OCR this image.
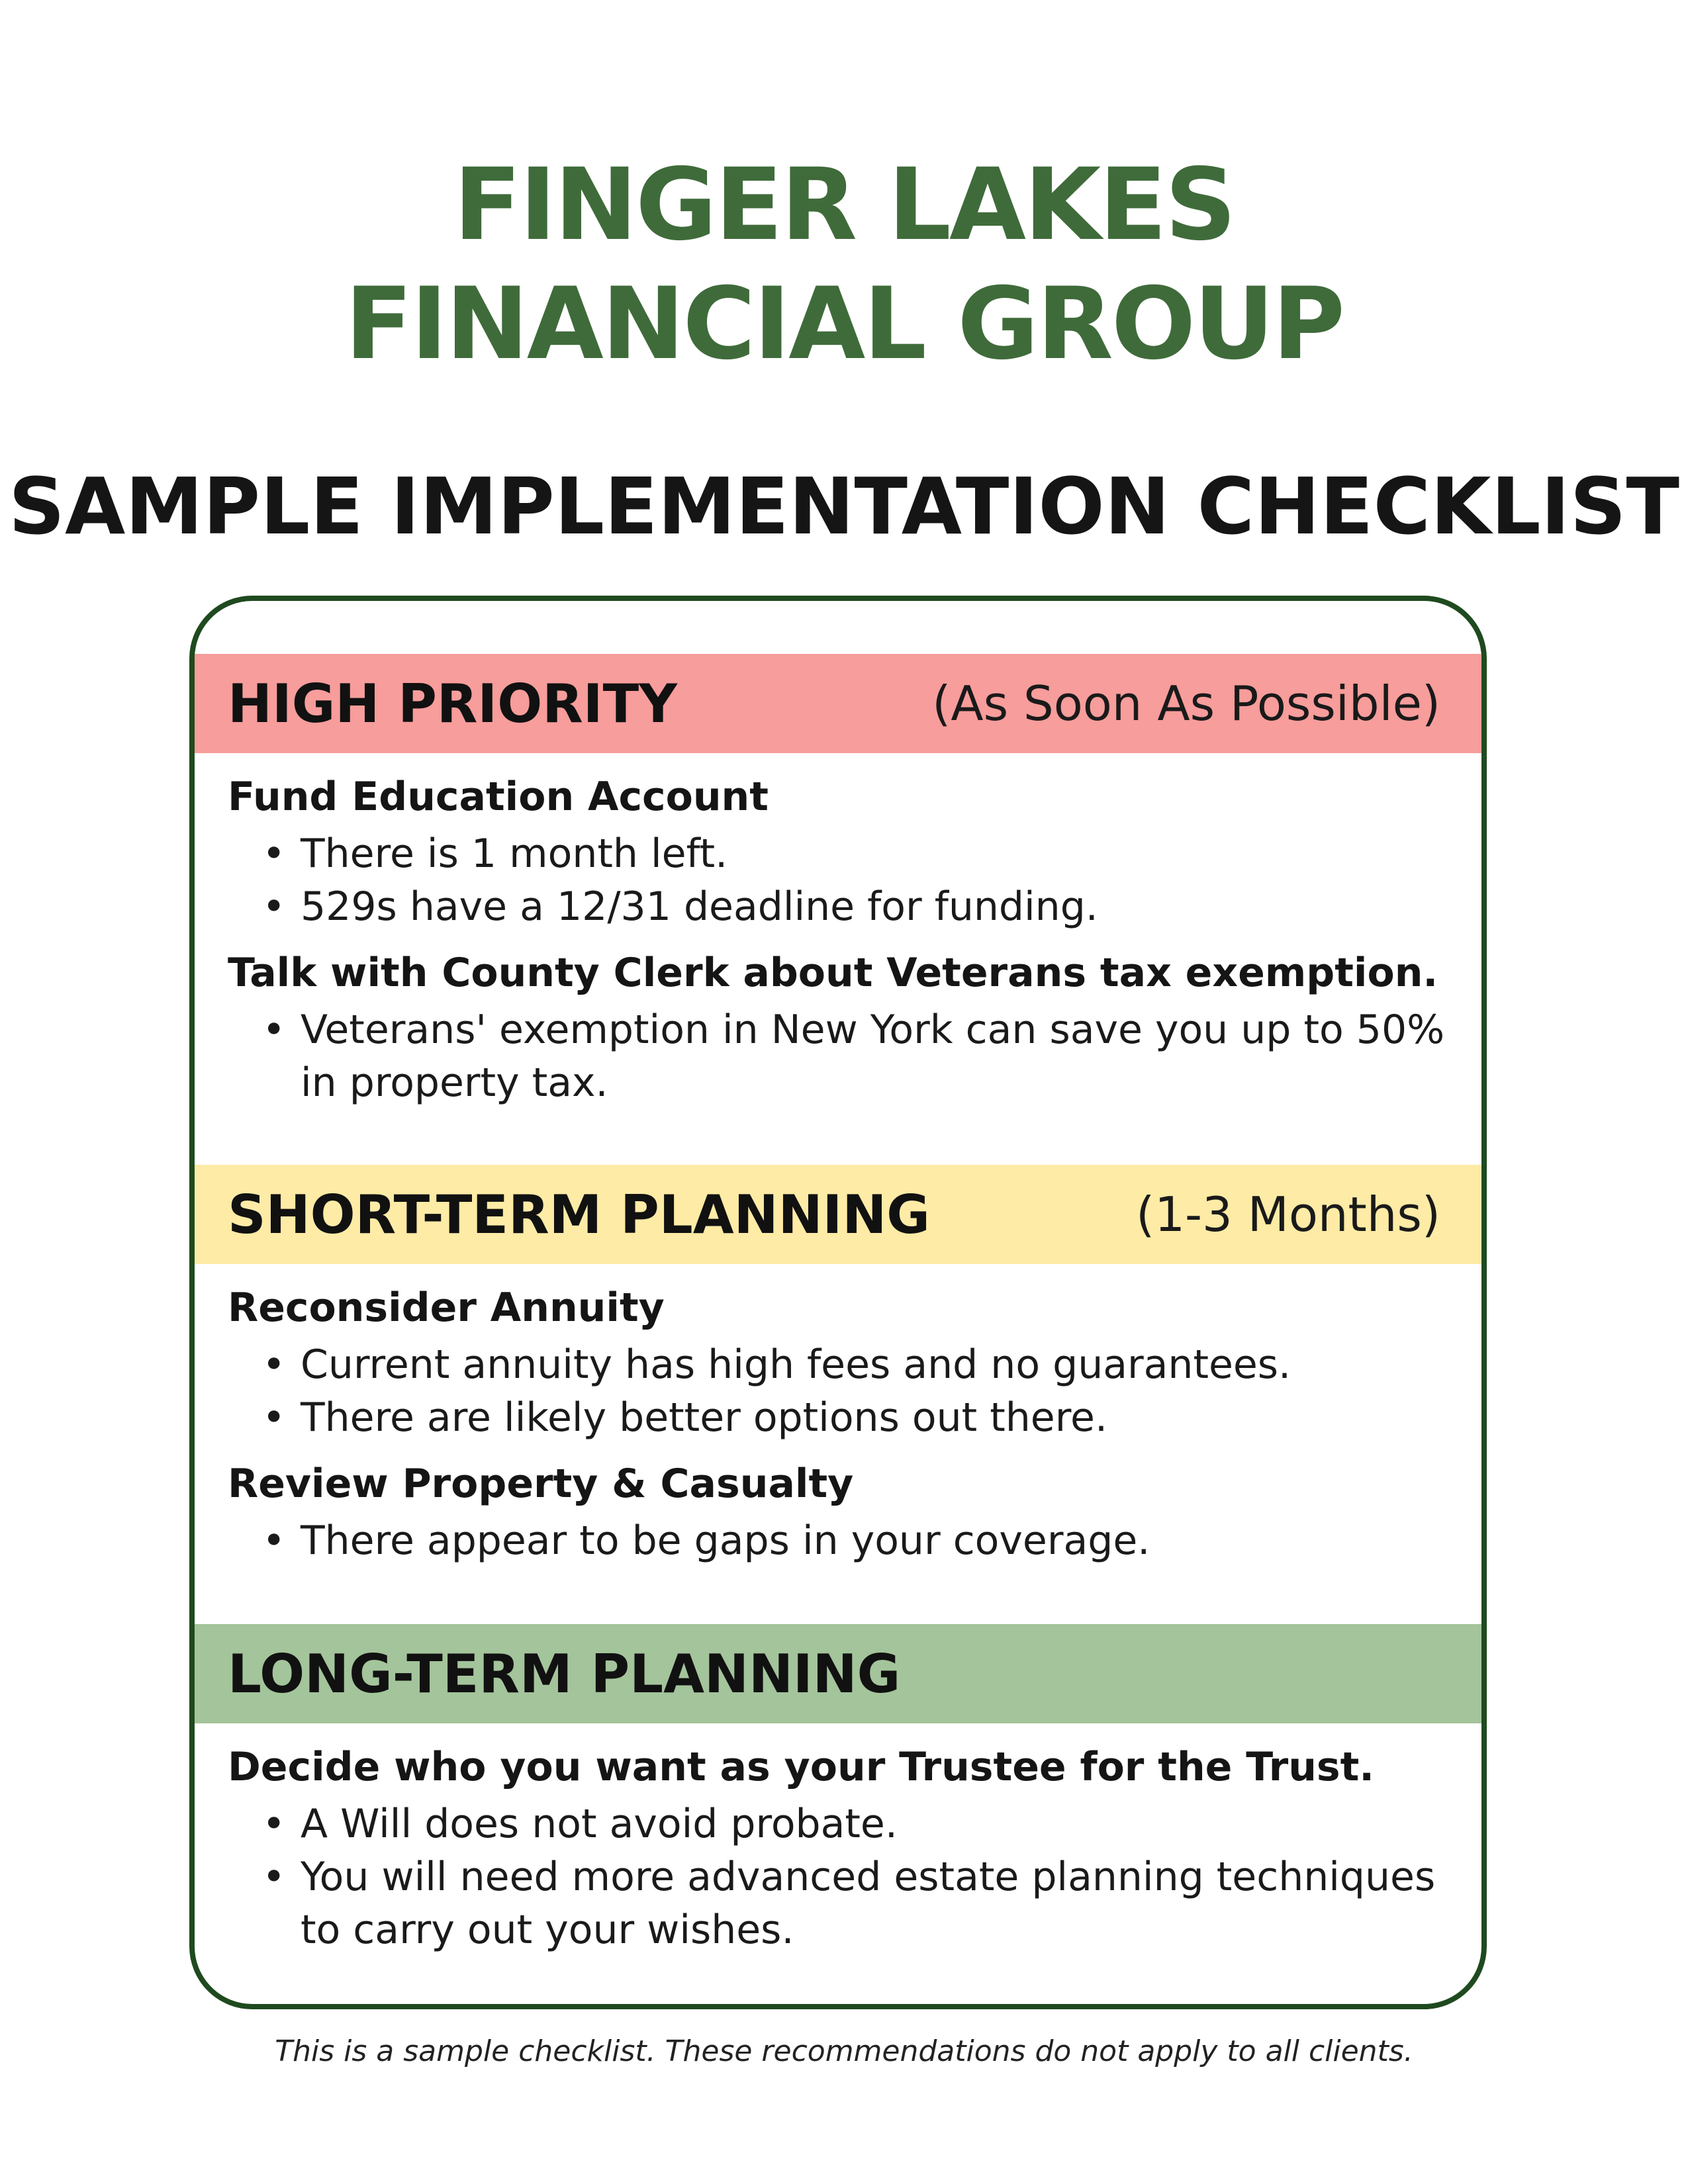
FINGER LAKES
FINANCIAL GROUP
SAMPLE IMPLEMENTATION CHECKLIST
HIGH PRIORITY	(As Soon As Possible)
Fund Education Account
• There is 1 month left.
• 529s have a 12/31 deadline for funding.
Talk with County Clerk about Veterans tax exemption.
• Veterans' exemption in New York can save you up to 50% in property tax.
SHORT-TERM PLANNING	(1-3 Months)
Reconsider Annuity
• Current annuity has high fees and no guarantees.
• There are likely better options out there.
Review Property & Casualty
• There appear to be gaps in your coverage.
LONG-TERM PLANNING
Decide who you want as your Trustee for the Trust.
• A Will does not avoid probate.
• You will need more advanced estate planning techniques to carry out your wishes.
This is a sample checklist. These recommendations do not apply to all clients.
